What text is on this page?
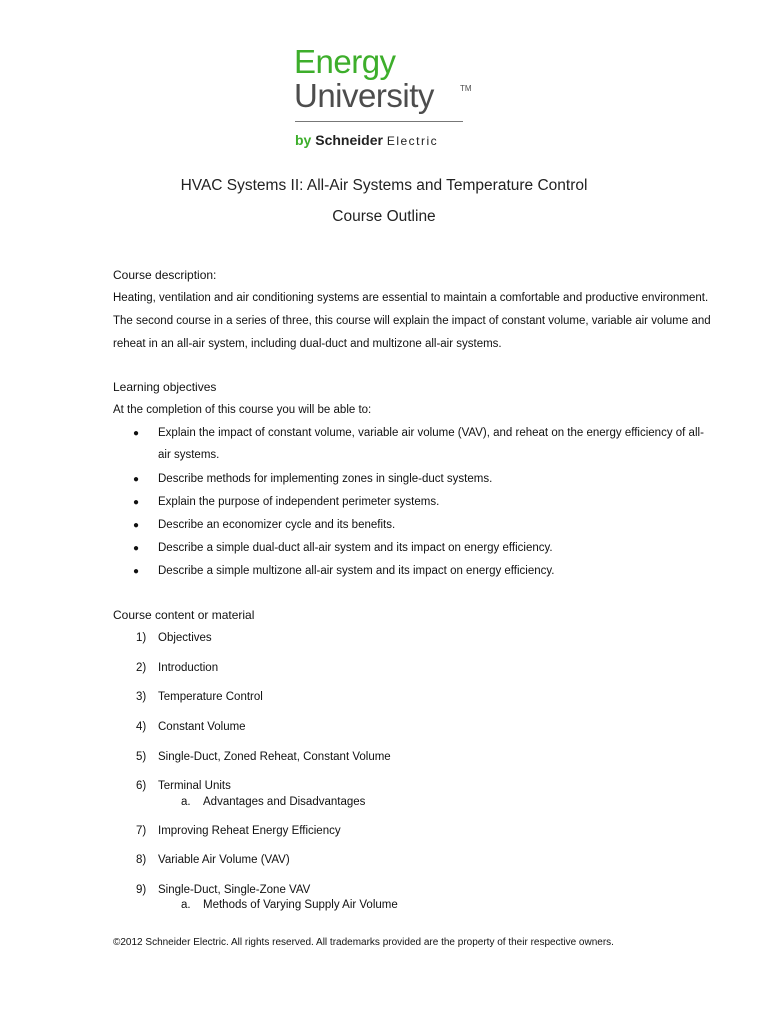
Energy
University	TM
by Schneider Electric
HVAC Systems II: All-Air Systems and Temperature Control
Course Outline
Course description:
Heating, ventilation and air conditioning systems are essential to maintain a comfortable and productive environment.
The second course in a series of three, this course will explain the impact of constant volume, variable air volume and
reheat in an all-air system, including dual-duct and multizone all-air systems.
Learning objectives
At the completion of this course you will be able to:
● Explain the impact of constant volume, variable air volume (VAV), and reheat on the energy efficiency of all-
air systems.
● Describe methods for implementing zones in single-duct systems.
● Explain the purpose of independent perimeter systems.
● Describe an economizer cycle and its benefits.
● Describe a simple dual-duct all-air system and its impact on energy efficiency.
● Describe a simple multizone all-air system and its impact on energy efficiency.
Course content or material
1) Objectives
2) Introduction
3) Temperature Control
4) Constant Volume
5) Single-Duct, Zoned Reheat, Constant Volume
6) Terminal Units
a. Advantages and Disadvantages
7) Improving Reheat Energy Efficiency
8) Variable Air Volume (VAV)
9) Single-Duct, Single-Zone VAV
a. Methods of Varying Supply Air Volume
©2012 Schneider Electric. All rights reserved. All trademarks provided are the property of their respective owners.
